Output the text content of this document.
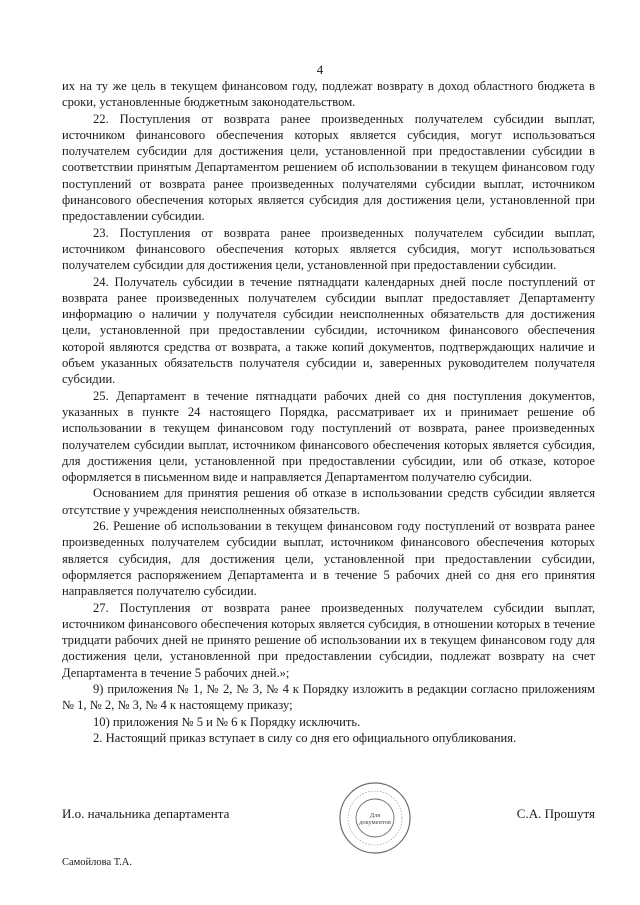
4

их на ту же цель в текущем финансовом году, подлежат возврату в доход областного бюджета в сроки, установленные бюджетным законодательством.

22. Поступления от возврата ранее произведенных получателем субсидии выплат, источником финансового обеспечения которых является субсидия, могут использоваться получателем субсидии для достижения цели, установленной при предоставлении субсидии в соответствии принятым Департаментом решением об использовании в текущем финансовом году поступлений от возврата ранее произведенных получателями субсидии выплат, источником финансового обеспечения которых является субсидия для достижения цели, установленной при предоставлении субсидии.

23. Поступления от возврата ранее произведенных получателем субсидии выплат, источником финансового обеспечения которых является субсидия, могут использоваться получателем субсидии для достижения цели, установленной при предоставлении субсидии.

24. Получатель субсидии в течение пятнадцати календарных дней после поступлений от возврата ранее произведенных получателем субсидии выплат предоставляет Департаменту информацию о наличии у получателя субсидии неисполненных обязательств для достижения цели, установленной при предоставлении субсидии, источником финансового обеспечения которой являются средства от возврата, а также копий документов, подтверждающих наличие и объем указанных обязательств получателя субсидии и, заверенных руководителем получателя субсидии.

25. Департамент в течение пятнадцати рабочих дней со дня поступления документов, указанных в пункте 24 настоящего Порядка, рассматривает их и принимает решение об использовании в текущем финансовом году поступлений от возврата, ранее произведенных получателем субсидии выплат, источником финансового обеспечения которых является субсидия, для достижения цели, установленной при предоставлении субсидии, или об отказе, которое оформляется в письменном виде и направляется Департаментом получателю субсидии.

Основанием для принятия решения об отказе в использовании средств субсидии является отсутствие у учреждения неисполненных обязательств.

26. Решение об использовании в текущем финансовом году поступлений от возврата ранее произведенных получателем субсидии выплат, источником финансового обеспечения которых является субсидия, для достижения цели, установленной при предоставлении субсидии, оформляется распоряжением Департамента и в течение 5 рабочих дней со дня его принятия направляется получателю субсидии.

27. Поступления от возврата ранее произведенных получателем субсидии выплат, источником финансового обеспечения которых является субсидия, в отношении которых в течение тридцати рабочих дней не принято решение об использовании их в текущем финансовом году для достижения цели, установленной при предоставлении субсидии, подлежат возврату на счет Департамента в течение 5 рабочих дней.»;

9) приложения № 1, № 2, № 3, № 4 к Порядку изложить в редакции согласно приложениям № 1, № 2, № 3, № 4 к настоящему приказу;

10) приложения № 5 и № 6 к Порядку исключить.

2. Настоящий приказ вступает в силу со дня его официального опубликования.

И.о. начальника департамента	Для
документов
С.А. Прошутя
Самойлова Т.А.
